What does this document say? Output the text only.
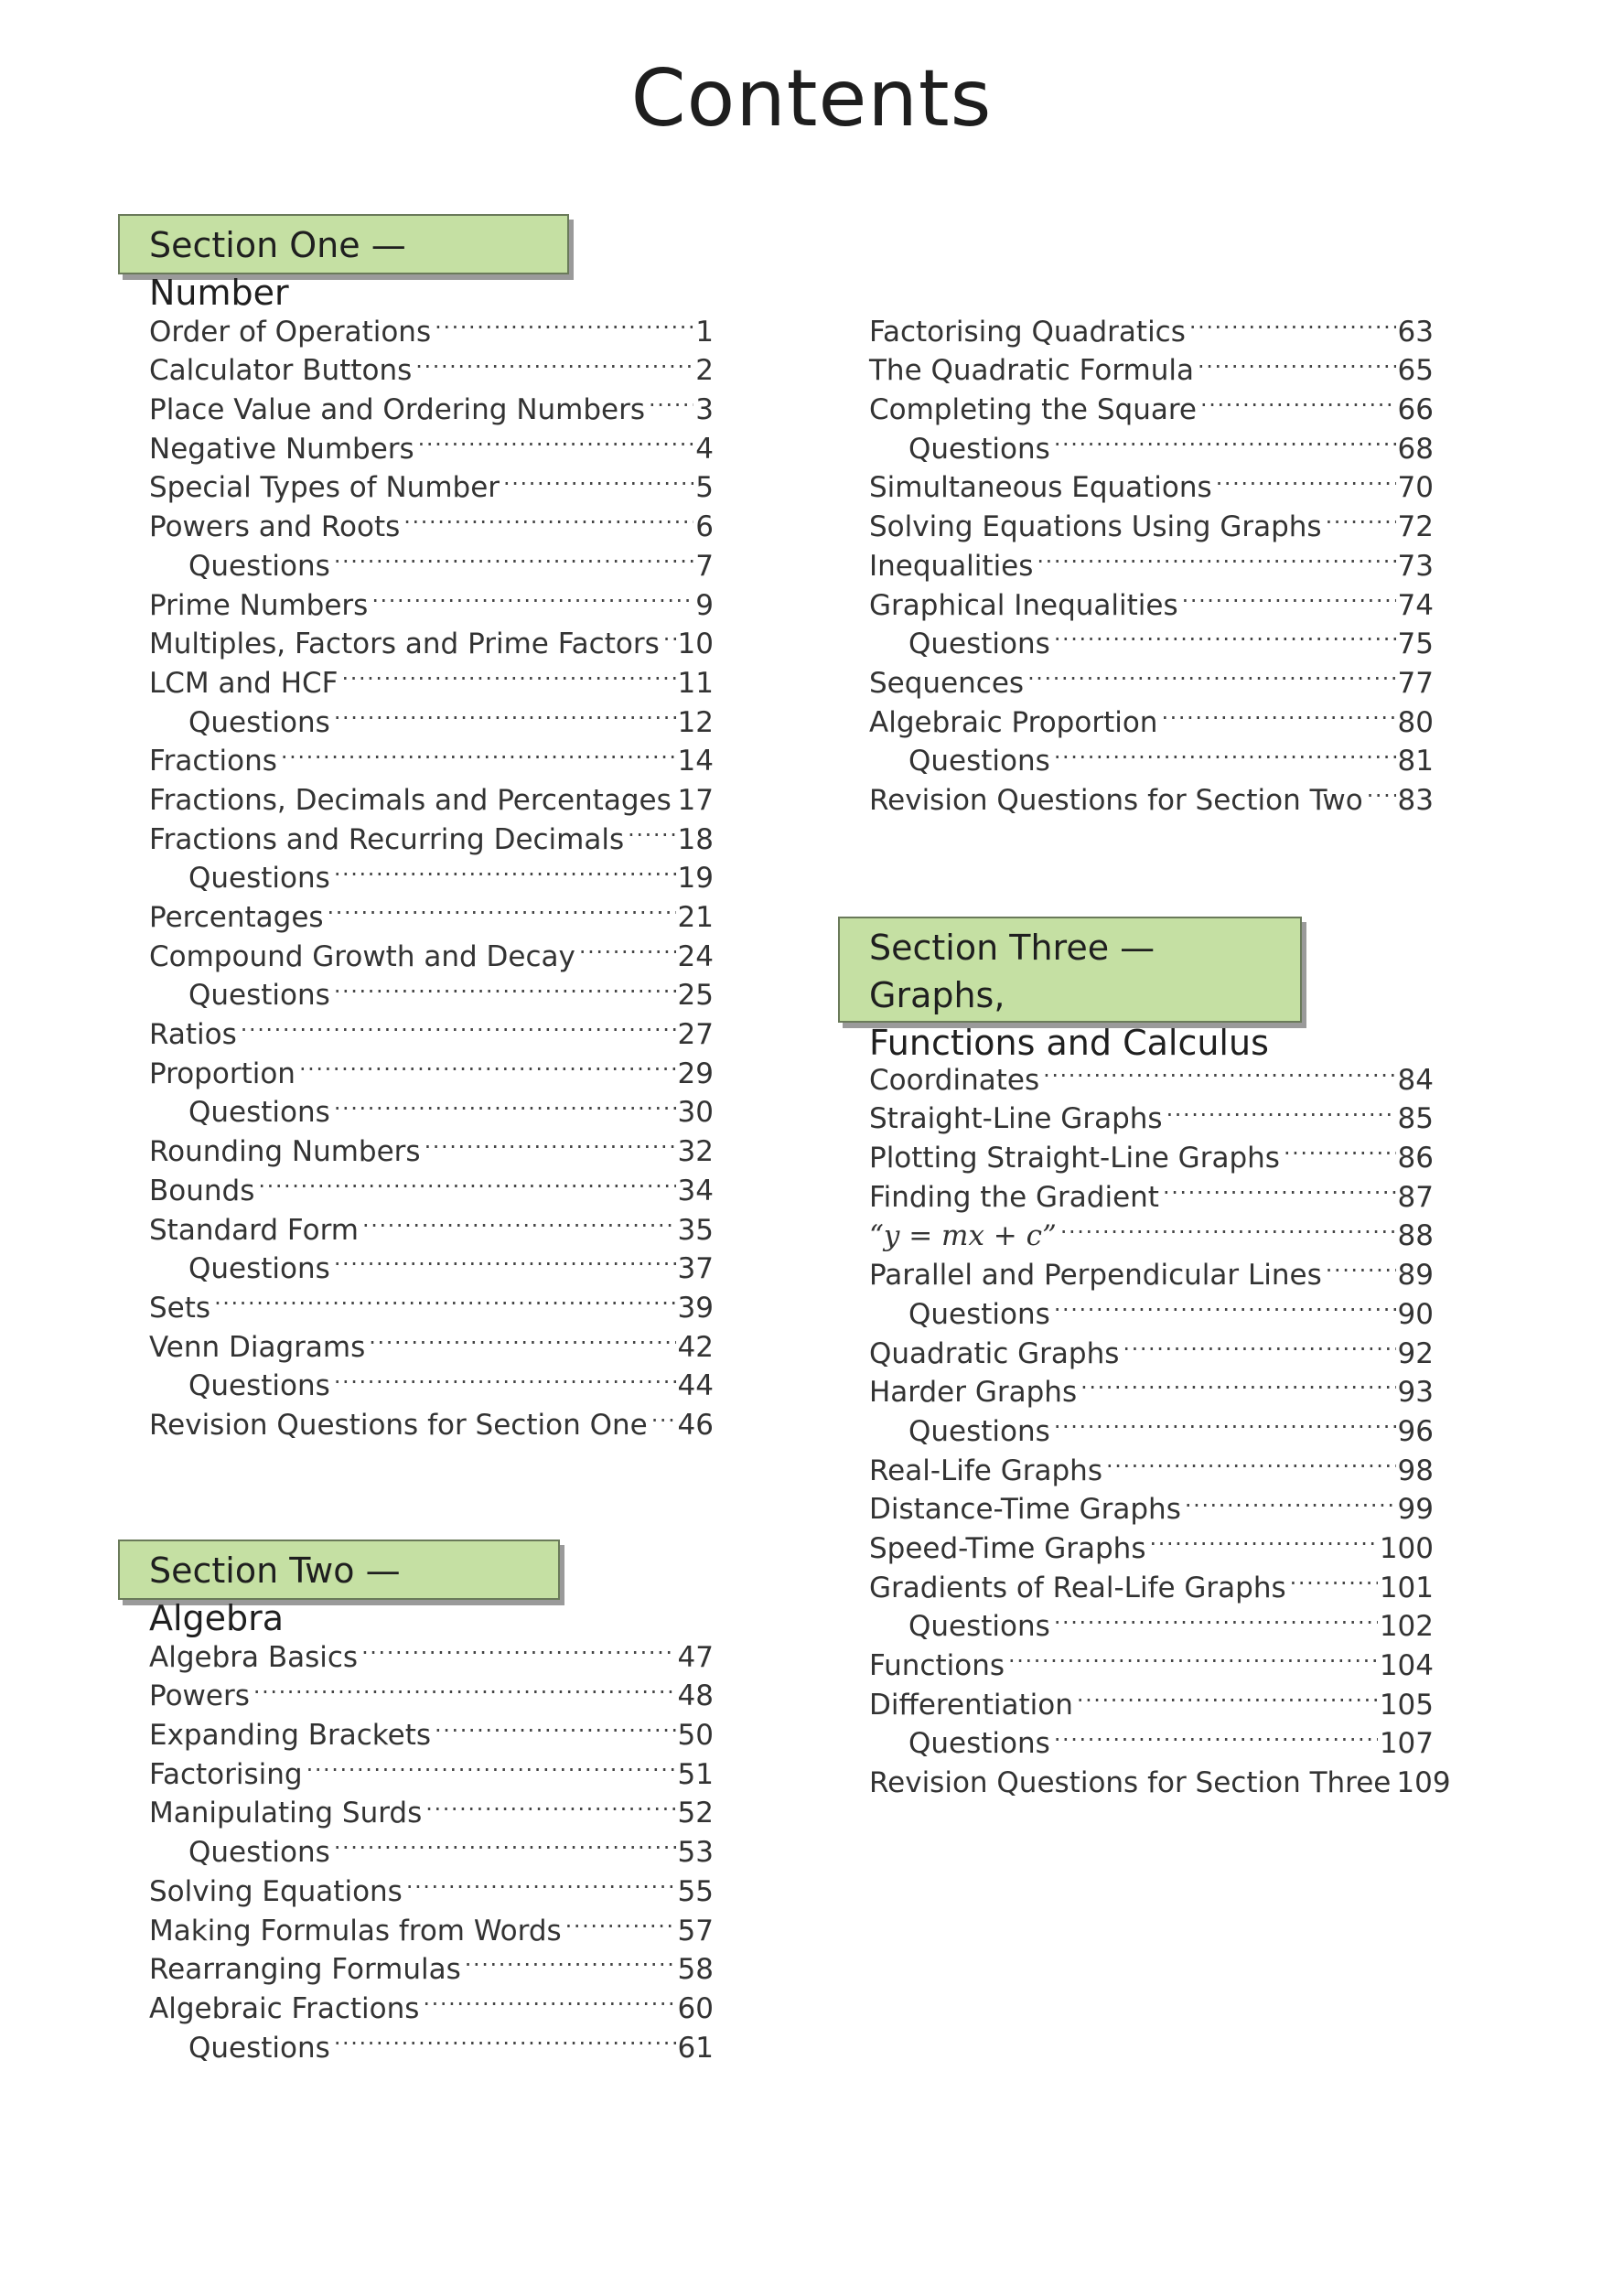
Contents
Section One — Number
Order of Operations .....	1
Calculator Buttons .....	2
Place Value and Ordering Numbers ..... 3
Negative Numbers .....	4
Special Types of Number .....	5
Powers and Roots .....	6
Questions .....	7
Prime Numbers .....	9
Multiples, Factors and Prime Factors ..... 10
LCM and HCF .....	11
Questions .....	12
Fractions .....	14
Fractions, Decimals and Percentages ..... 17
Fractions and Recurring Decimals ..... 18
Questions .....	19
Percentages .....	21
Compound Growth and Decay .....	24
Questions .....	25
Ratios .....	27
Proportion .....	29
Questions .....	30
Rounding Numbers .....	32
Bounds .....	34
Standard Form .....	35
Questions .....	37
Sets .....	39
Venn Diagrams .....	42
Questions .....	44
Revision Questions for Section One ..... 46
Section Two — Algebra
Algebra Basics .....	47
Powers .....	48
Expanding Brackets .....	50
Factorising .....	51
Manipulating Surds .....	52
Questions .....	53
Solving Equations .....	55
Making Formulas from Words .....	57
Rearranging Formulas .....	58
Algebraic Fractions .....	60
Questions .....	61
Factorising Quadratics .....	63
The Quadratic Formula .....	65
Completing the Square .....	66
Questions .....	68
Simultaneous Equations .....	70
Solving Equations Using Graphs .....	72
Inequalities .....	73
Graphical Inequalities .....	74
Questions .....	75
Sequences .....	77
Algebraic Proportion .....	80
Questions .....	81
Revision Questions for Section Two ..... 83
Section Three — Graphs,
Functions and Calculus
Coordinates .....	84
Straight-Line Graphs .....	85
Plotting Straight-Line Graphs .....	86
Finding the Gradient .....	87
“y = mx + c” .....	88
Parallel and Perpendicular Lines .....	89
Questions .....	90
Quadratic Graphs .....	92
Harder Graphs .....	93
Questions .....	96
Real-Life Graphs .....	98
Distance-Time Graphs .....	99
Speed-Time Graphs .....	100
Gradients of Real-Life Graphs .....	101
Questions .....	102
Functions .....	104
Differentiation .....	105
Questions .....	107
Revision Questions for Section Three 109
